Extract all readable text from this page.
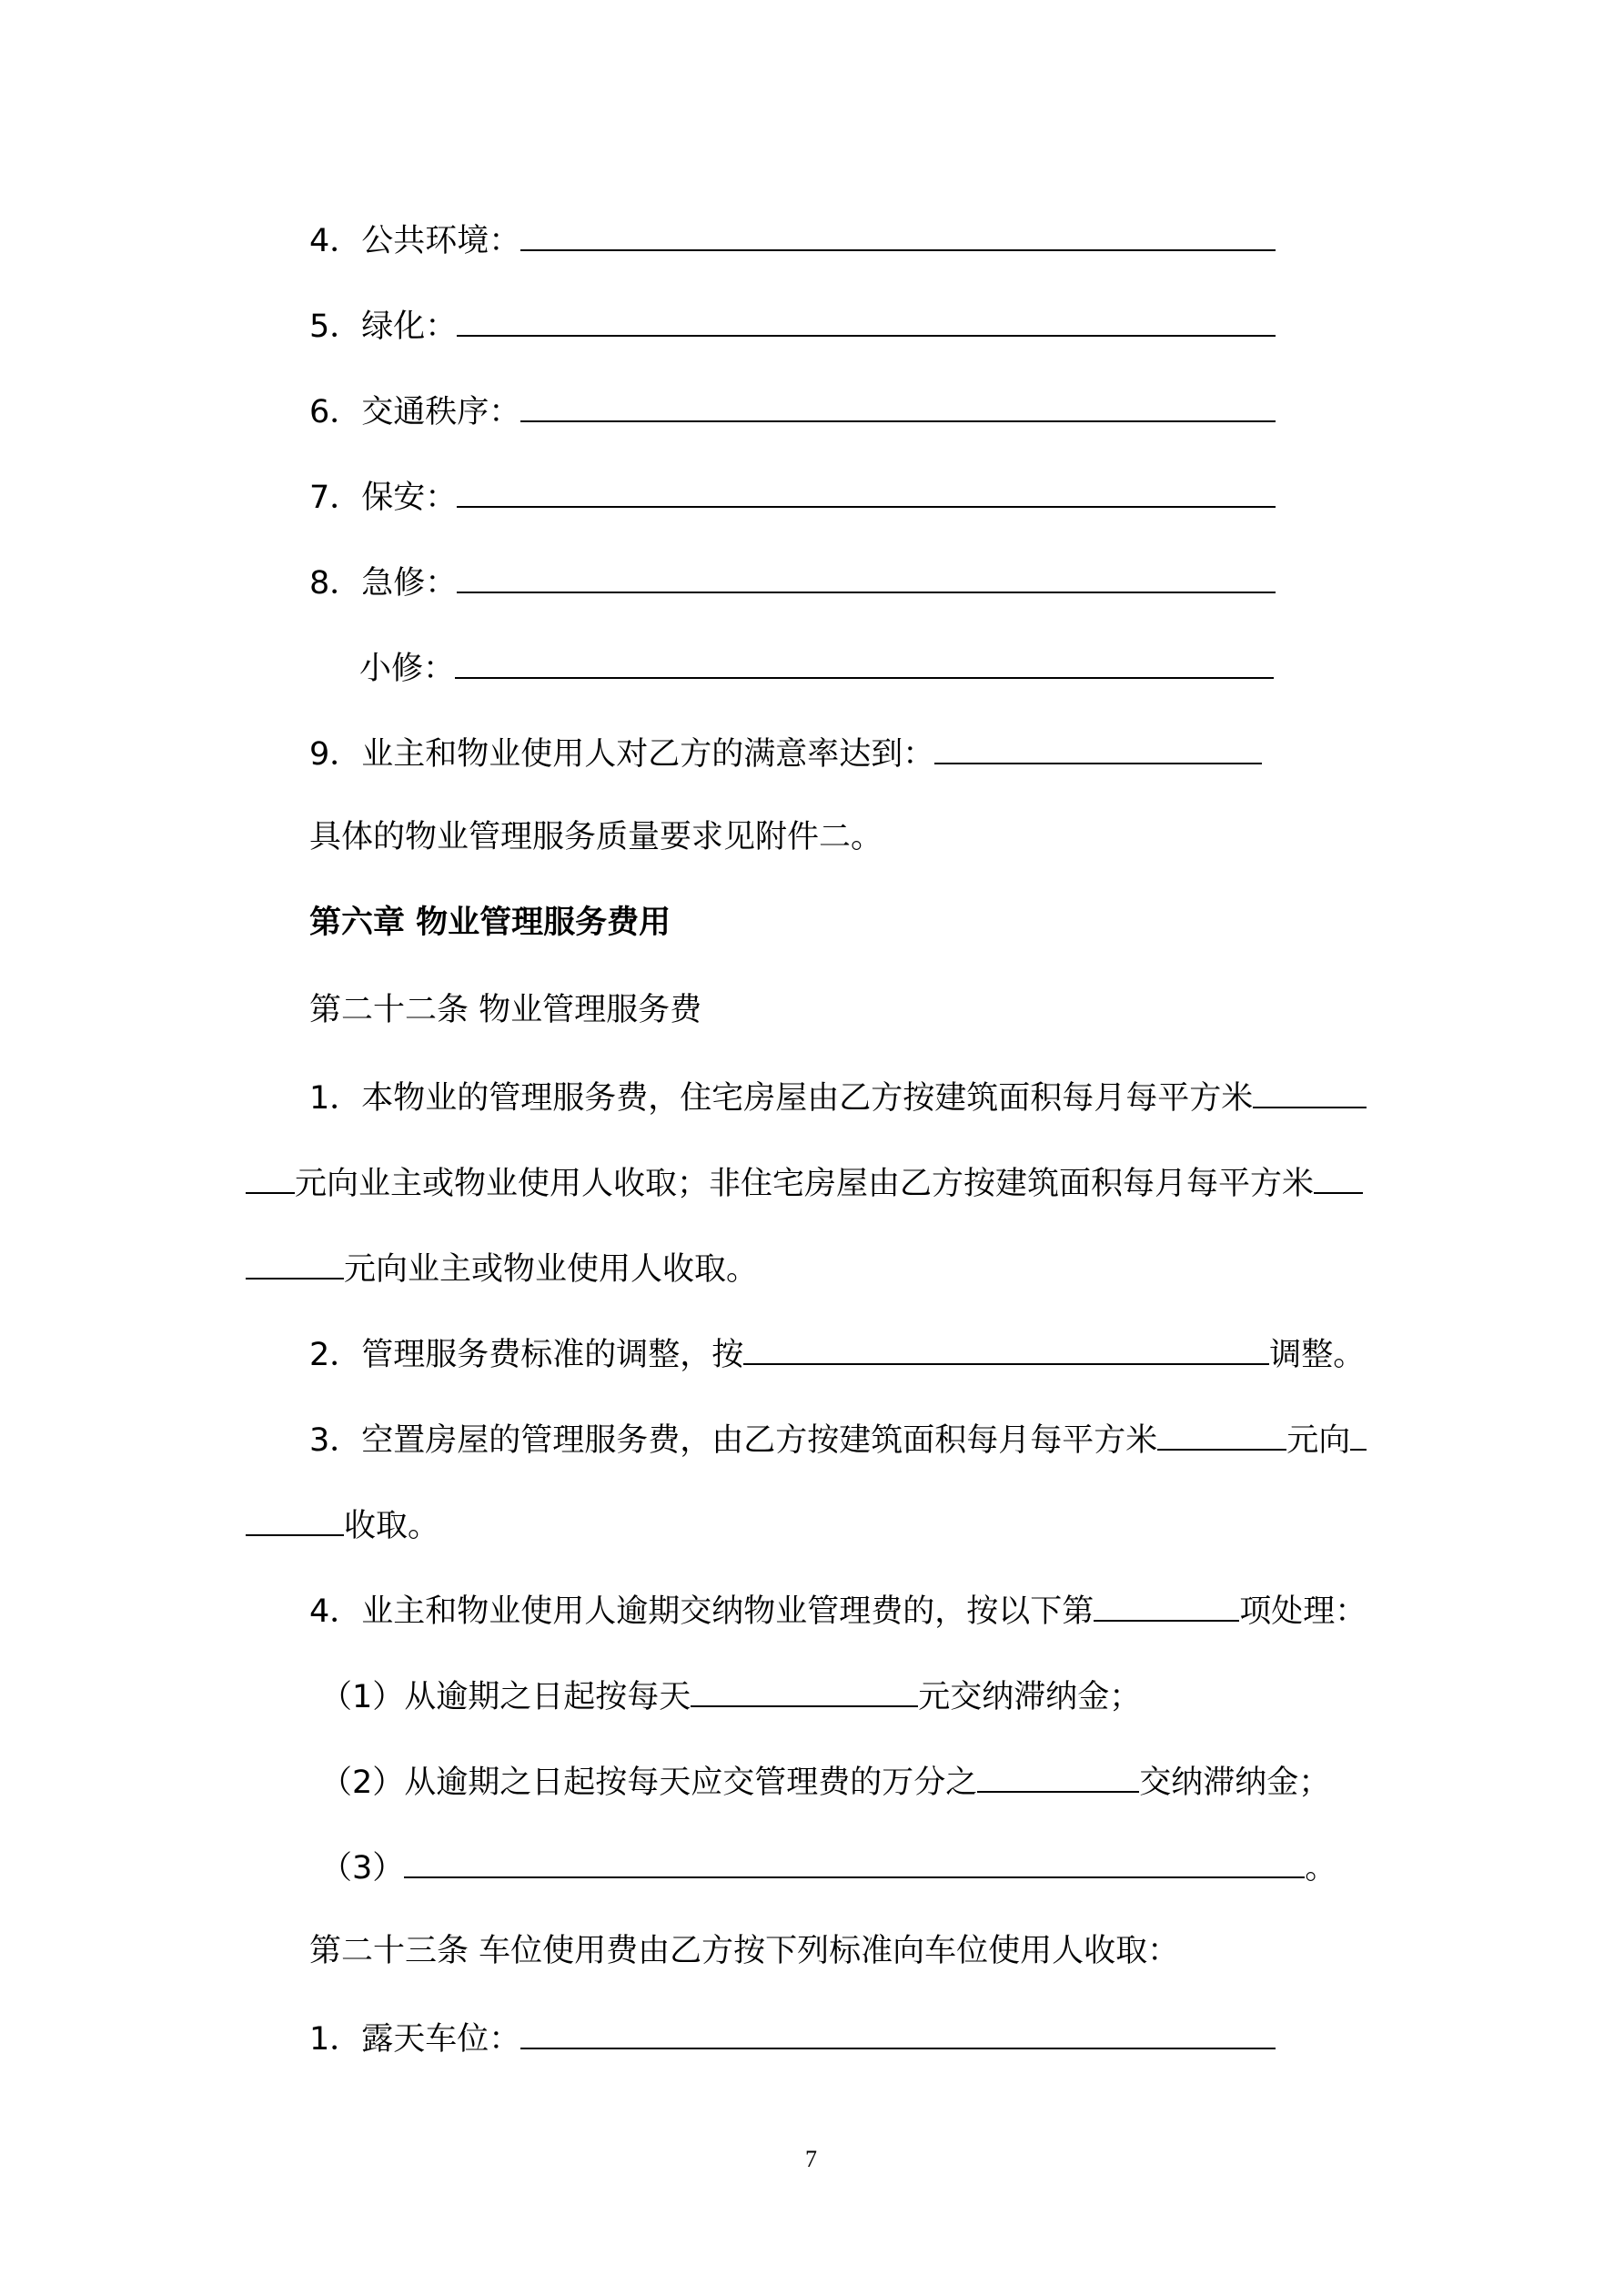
4．公共环境：
5．绿化：
6．交通秩序：
7．保安：
8．急修：
小修：
9．业主和物业使用人对乙方的满意率达到：
具体的物业管理服务质量要求见附件二。
第六章 物业管理服务费用
第二十二条 物业管理服务费
1．本物业的管理服务费，住宅房屋由乙方按建筑面积每月每平方米
元向业主或物业使用人收取；非住宅房屋由乙方按建筑面积每月每平方米
元向业主或物业使用人收取。
2．管理服务费标准的调整，按	调整。
3．空置房屋的管理服务费，由乙方按建筑面积每月每平方米	元向
收取。
4．业主和物业使用人逾期交纳物业管理费的，按以下第	项处理：
（1）从逾期之日起按每天	元交纳滞纳金；
（2）从逾期之日起按每天应交管理费的万分之	交纳滞纳金；
（3）	。
第二十三条 车位使用费由乙方按下列标准向车位使用人收取：
1．露天车位：
7
